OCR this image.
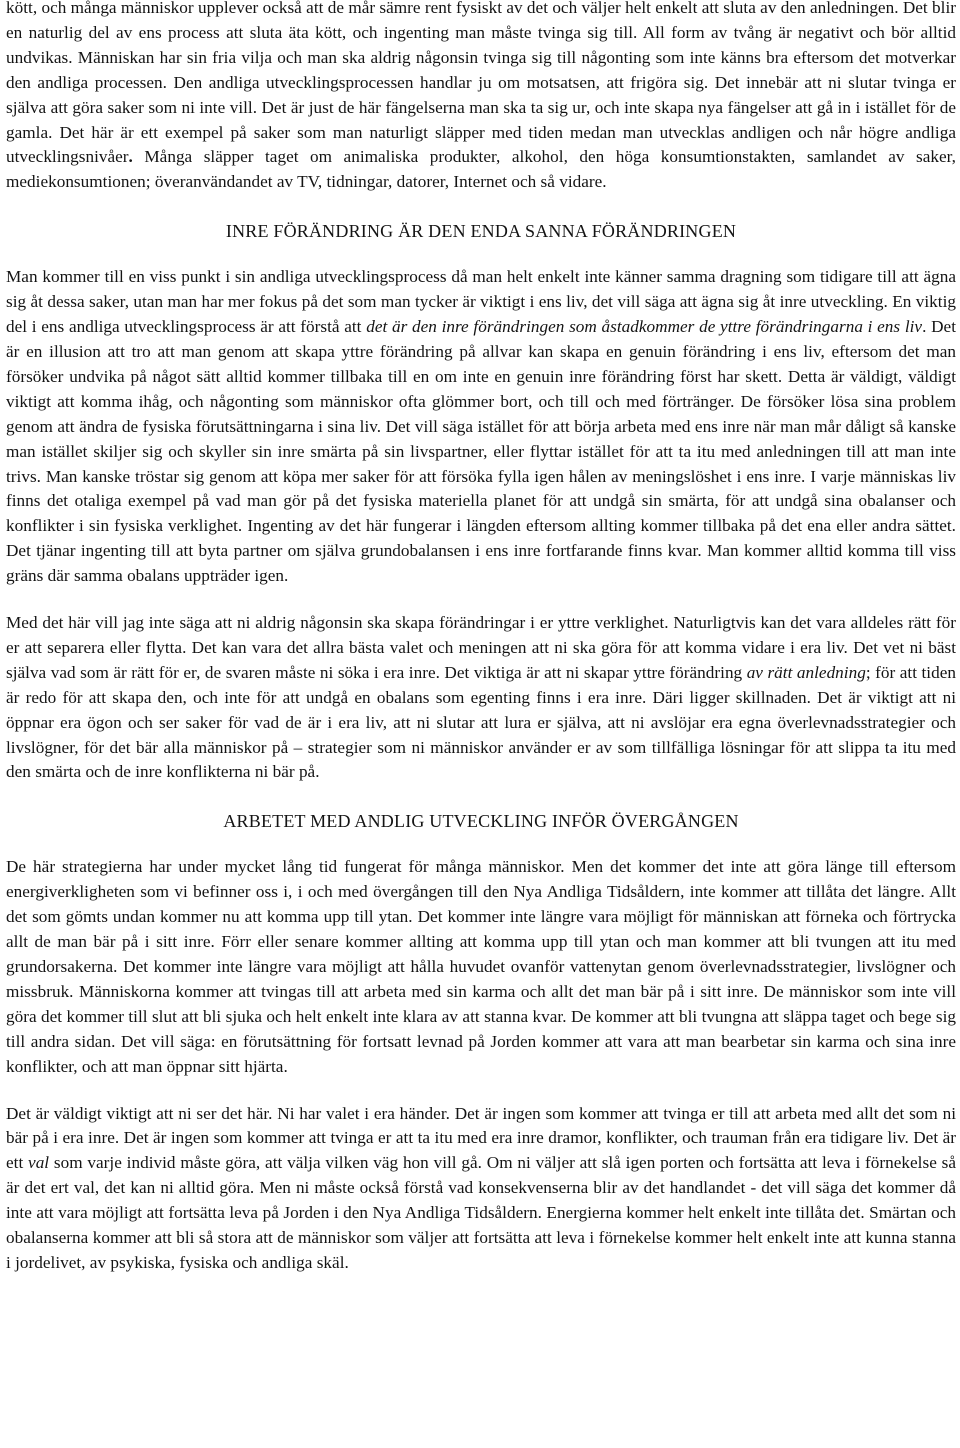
kött, och många människor upplever också att de mår sämre rent fysiskt av det och väljer helt enkelt att sluta av den anledningen. Det blir en naturlig del av ens process att sluta äta kött, och ingenting man måste tvinga sig till. All form av tvång är negativt och bör alltid undvikas. Människan har sin fria vilja och man ska aldrig någonsin tvinga sig till någonting som inte känns bra eftersom det motverkar den andliga processen. Den andliga utvecklingsprocessen handlar ju om motsatsen, att frigöra sig. Det innebär att ni slutar tvinga er själva att göra saker som ni inte vill. Det är just de här fängelserna man ska ta sig ur, och inte skapa nya fängelser att gå in i istället för de gamla. Det här är ett exempel på saker som man naturligt släpper med tiden medan man utvecklas andligen och når högre andliga utvecklingsnivåer. Många släpper taget om animaliska produkter, alkohol, den höga konsumtionstakten, samlandet av saker, mediekonsumtionen; överanvändandet av TV, tidningar, datorer, Internet och så vidare.

INRE FÖRÄNDRING ÄR DEN ENDA SANNA FÖRÄNDRINGEN

Man kommer till en viss punkt i sin andliga utvecklingsprocess då man helt enkelt inte känner samma dragning som tidigare till att ägna sig åt dessa saker, utan man har mer fokus på det som man tycker är viktigt i ens liv, det vill säga att ägna sig åt inre utveckling. En viktig del i ens andliga utvecklingsprocess är att förstå att det är den inre förändringen som åstadkommer de yttre förändringarna i ens liv. Det är en illusion att tro att man genom att skapa yttre förändring på allvar kan skapa en genuin förändring i ens liv, eftersom det man försöker undvika på något sätt alltid kommer tillbaka till en om inte en genuin inre förändring först har skett. Detta är väldigt, väldigt viktigt att komma ihåg, och någonting som människor ofta glömmer bort, och till och med förtränger. De försöker lösa sina problem genom att ändra de fysiska förutsättningarna i sina liv. Det vill säga istället för att börja arbeta med ens inre när man mår dåligt så kanske man istället skiljer sig och skyller sin inre smärta på sin livspartner, eller flyttar istället för att ta itu med anledningen till att man inte trivs. Man kanske tröstar sig genom att köpa mer saker för att försöka fylla igen hålen av meningslöshet i ens inre. I varje människas liv finns det otaliga exempel på vad man gör på det fysiska materiella planet för att undgå sin smärta, för att undgå sina obalanser och konflikter i sin fysiska verklighet. Ingenting av det här fungerar i längden eftersom allting kommer tillbaka på det ena eller andra sättet. Det tjänar ingenting till att byta partner om själva grundobalansen i ens inre fortfarande finns kvar. Man kommer alltid komma till viss gräns där samma obalans uppträder igen.

Med det här vill jag inte säga att ni aldrig någonsin ska skapa förändringar i er yttre verklighet. Naturligtvis kan det vara alldeles rätt för er att separera eller flytta. Det kan vara det allra bästa valet och meningen att ni ska göra för att komma vidare i era liv. Det vet ni bäst själva vad som är rätt för er, de svaren måste ni söka i era inre. Det viktiga är att ni skapar yttre förändring av rätt anledning; för att tiden är redo för att skapa den, och inte för att undgå en obalans som egenting finns i era inre. Däri ligger skillnaden. Det är viktigt att ni öppnar era ögon och ser saker för vad de är i era liv, att ni slutar att lura er själva, att ni avslöjar era egna överlevnadsstrategier och livslögner, för det bär alla människor på – strategier som ni människor använder er av som tillfälliga lösningar för att slippa ta itu med den smärta och de inre konflikterna ni bär på.

ARBETET MED ANDLIG UTVECKLING INFÖR ÖVERGÅNGEN

De här strategierna har under mycket lång tid fungerat för många människor. Men det kommer det inte att göra länge till eftersom energiverkligheten som vi befinner oss i, i och med övergången till den Nya Andliga Tidsåldern, inte kommer att tillåta det längre. Allt det som gömts undan kommer nu att komma upp till ytan. Det kommer inte längre vara möjligt för människan att förneka och förtrycka allt de man bär på i sitt inre. Förr eller senare kommer allting att komma upp till ytan och man kommer att bli tvungen att itu med grundorsakerna. Det kommer inte längre vara möjligt att hålla huvudet ovanför vattenytan genom överlevnadsstrategier, livslögner och missbruk. Människorna kommer att tvingas till att arbeta med sin karma och allt det man bär på i sitt inre. De människor som inte vill göra det kommer till slut att bli sjuka och helt enkelt inte klara av att stanna kvar. De kommer att bli tvungna att släppa taget och bege sig till andra sidan. Det vill säga: en förutsättning för fortsatt levnad på Jorden kommer att vara att man bearbetar sin karma och sina inre konflikter, och att man öppnar sitt hjärta.

Det är väldigt viktigt att ni ser det här. Ni har valet i era händer. Det är ingen som kommer att tvinga er till att arbeta med allt det som ni bär på i era inre. Det är ingen som kommer att tvinga er att ta itu med era inre dramor, konflikter, och trauman från era tidigare liv. Det är ett val som varje individ måste göra, att välja vilken väg hon vill gå. Om ni väljer att slå igen porten och fortsätta att leva i förnekelse så är det ert val, det kan ni alltid göra. Men ni måste också förstå vad konsekvenserna blir av det handlandet - det vill säga det kommer då inte att vara möjligt att fortsätta leva på Jorden i den Nya Andliga Tidsåldern. Energierna kommer helt enkelt inte tillåta det. Smärtan och obalanserna kommer att bli så stora att de människor som väljer att fortsätta att leva i förnekelse kommer helt enkelt inte att kunna stanna i jordelivet, av psykiska, fysiska och andliga skäl.
